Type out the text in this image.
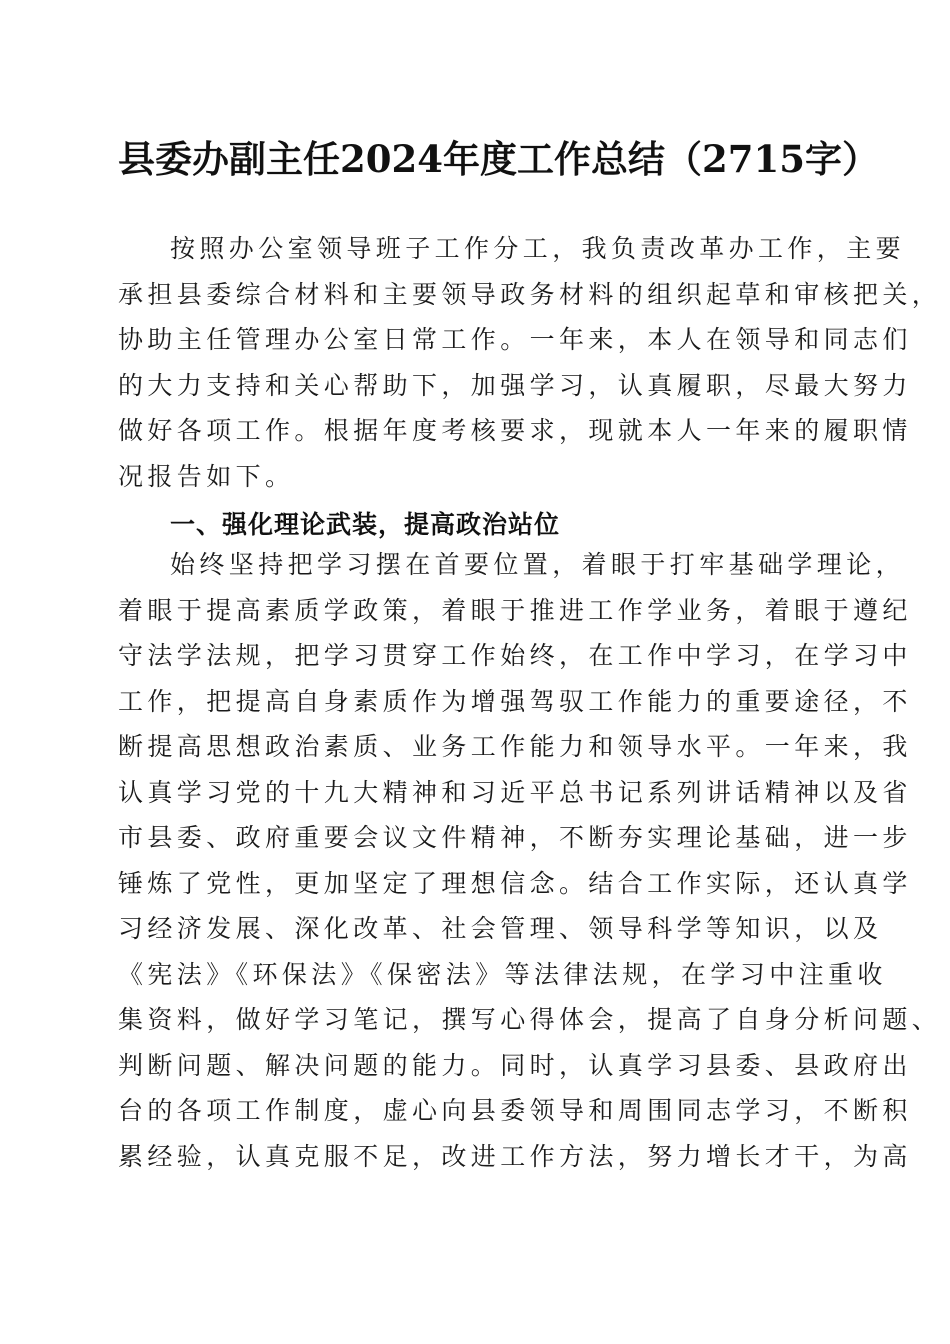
县委办副主任2024年度工作总结（2715字）
按照办公室领导班子工作分工，我负责改革办工作，主要
承担县委综合材料和主要领导政务材料的组织起草和审核把关，
协助主任管理办公室日常工作。一年来，本人在领导和同志们
的大力支持和关心帮助下，加强学习，认真履职，尽最大努力
做好各项工作。根据年度考核要求，现就本人一年来的履职情
况报告如下。
一、强化理论武装，提高政治站位
始终坚持把学习摆在首要位置，着眼于打牢基础学理论，
着眼于提高素质学政策，着眼于推进工作学业务，着眼于遵纪
守法学法规，把学习贯穿工作始终，在工作中学习，在学习中
工作，把提高自身素质作为增强驾驭工作能力的重要途径，不
断提高思想政治素质、业务工作能力和领导水平。一年来，我
认真学习党的十九大精神和习近平总书记系列讲话精神以及省
市县委、政府重要会议文件精神，不断夯实理论基础，进一步
锤炼了党性，更加坚定了理想信念。结合工作实际，还认真学
习经济发展、深化改革、社会管理、领导科学等知识，以及
《宪法》《环保法》《保密法》等法律法规，在学习中注重收
集资料，做好学习笔记，撰写心得体会，提高了自身分析问题、
判断问题、解决问题的能力。同时，认真学习县委、县政府出
台的各项工作制度，虚心向县委领导和周围同志学习，不断积
累经验，认真克服不足，改进工作方法，努力增长才干，为高
